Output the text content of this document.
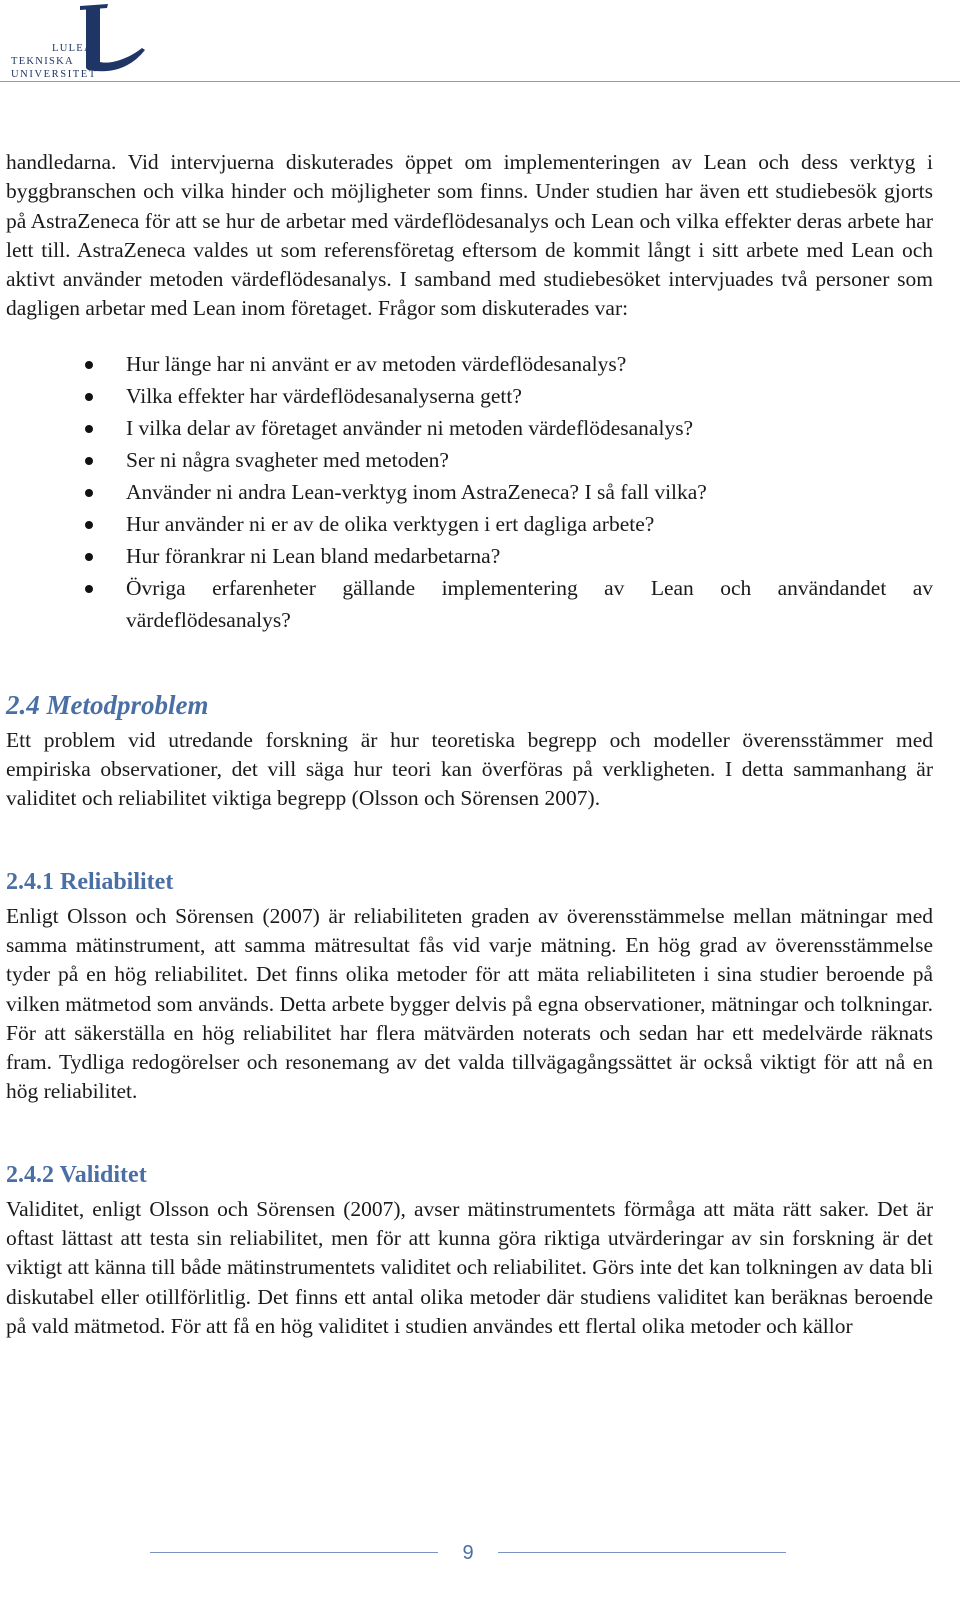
LULEÅ
TEKNISKA
UNIVERSITET

handledarna. Vid intervjuerna diskuterades öppet om implementeringen av Lean och dess verktyg i byggbranschen och vilka hinder och möjligheter som finns. Under studien har även ett studiebesök gjorts på AstraZeneca för att se hur de arbetar med värdeflödesanalys och Lean och vilka effekter deras arbete har lett till. AstraZeneca valdes ut som referensföretag eftersom de kommit långt i sitt arbete med Lean och aktivt använder metoden värdeflödesanalys. I samband med studiebesöket intervjuades två personer som dagligen arbetar med Lean inom företaget. Frågor som diskuterades var:

Hur länge har ni använt er av metoden värdeflödesanalys?
Vilka effekter har värdeflödesanalyserna gett?
I vilka delar av företaget använder ni metoden värdeflödesanalys?
Ser ni några svagheter med metoden?
Använder ni andra Lean-verktyg inom AstraZeneca? I så fall vilka?
Hur använder ni er av de olika verktygen i ert dagliga arbete?
Hur förankrar ni Lean bland medarbetarna?
Övriga erfarenheter gällande implementering av Lean och användandet av värdeflödesanalys?
2.4 Metodproblem

Ett problem vid utredande forskning är hur teoretiska begrepp och modeller överensstämmer med empiriska observationer, det vill säga hur teori kan överföras på verkligheten. I detta sammanhang är validitet och reliabilitet viktiga begrepp (Olsson och Sörensen 2007).

2.4.1 Reliabilitet

Enligt Olsson och Sörensen (2007) är reliabiliteten graden av överensstämmelse mellan mätningar med samma mätinstrument, att samma mätresultat fås vid varje mätning. En hög grad av överensstämmelse tyder på en hög reliabilitet. Det finns olika metoder för att mäta reliabiliteten i sina studier beroende på vilken mätmetod som används. Detta arbete bygger delvis på egna observationer, mätningar och tolkningar. För att säkerställa en hög reliabilitet har flera mätvärden noterats och sedan har ett medelvärde räknats fram. Tydliga redogörelser och resonemang av det valda tillvägagångssättet är också viktigt för att nå en hög reliabilitet.

2.4.2 Validitet

Validitet, enligt Olsson och Sörensen (2007), avser mätinstrumentets förmåga att mäta rätt saker. Det är oftast lättast att testa sin reliabilitet, men för att kunna göra riktiga utvärderingar av sin forskning är det viktigt att känna till både mätinstrumentets validitet och reliabilitet. Görs inte det kan tolkningen av data bli diskutabel eller otillförlitlig. Det finns ett antal olika metoder där studiens validitet kan beräknas beroende på vald mätmetod. För att få en hög validitet i studien användes ett flertal olika metoder och källor

9
